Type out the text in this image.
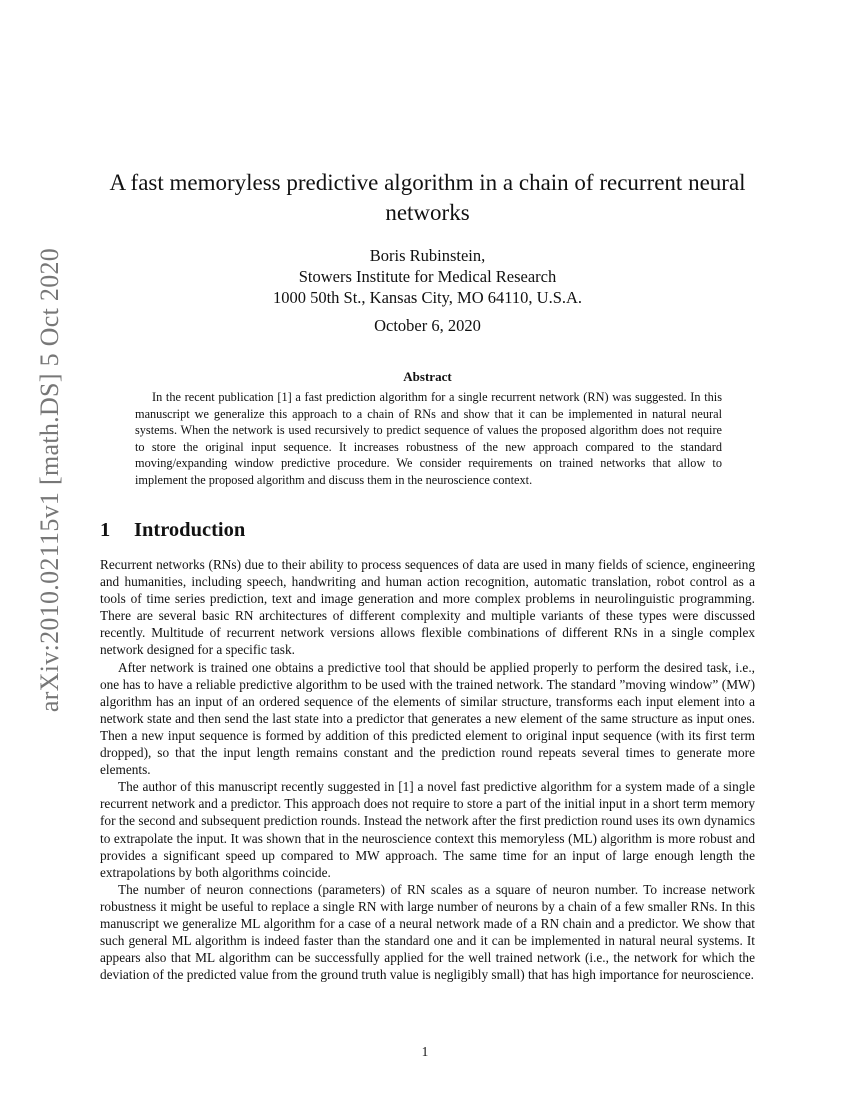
arXiv:2010.02115v1 [math.DS] 5 Oct 2020
A fast memoryless predictive algorithm in a chain of recurrent neural networks
Boris Rubinstein,
Stowers Institute for Medical Research
1000 50th St., Kansas City, MO 64110, U.S.A.
October 6, 2020
Abstract

In the recent publication [1] a fast prediction algorithm for a single recurrent network (RN) was suggested. In this manuscript we generalize this approach to a chain of RNs and show that it can be implemented in natural neural systems. When the network is used recursively to predict sequence of values the proposed algorithm does not require to store the original input sequence. It increases robustness of the new approach compared to the standard moving/expanding window predictive procedure. We consider requirements on trained networks that allow to implement the proposed algorithm and discuss them in the neuroscience context.

1 Introduction

Recurrent networks (RNs) due to their ability to process sequences of data are used in many fields of science, engineering and humanities, including speech, handwriting and human action recognition, automatic translation, robot control as a tools of time series prediction, text and image generation and more complex problems in neurolinguistic programming. There are several basic RN architectures of different complexity and multiple variants of these types were discussed recently. Multitude of recurrent network versions allows flexible combinations of different RNs in a single complex network designed for a specific task.

After network is trained one obtains a predictive tool that should be applied properly to perform the desired task, i.e., one has to have a reliable predictive algorithm to be used with the trained network. The standard ”moving window” (MW) algorithm has an input of an ordered sequence of the elements of similar structure, transforms each input element into a network state and then send the last state into a predictor that generates a new element of the same structure as input ones. Then a new input sequence is formed by addition of this predicted element to original input sequence (with its first term dropped), so that the input length remains constant and the prediction round repeats several times to generate more elements.

The author of this manuscript recently suggested in [1] a novel fast predictive algorithm for a system made of a single recurrent network and a predictor. This approach does not require to store a part of the initial input in a short term memory for the second and subsequent prediction rounds. Instead the network after the first prediction round uses its own dynamics to extrapolate the input. It was shown that in the neuroscience context this memoryless (ML) algorithm is more robust and provides a significant speed up compared to MW approach. The same time for an input of large enough length the extrapolations by both algorithms coincide.

The number of neuron connections (parameters) of RN scales as a square of neuron number. To increase network robustness it might be useful to replace a single RN with large number of neurons by a chain of a few smaller RNs. In this manuscript we generalize ML algorithm for a case of a neural network made of a RN chain and a predictor. We show that such general ML algorithm is indeed faster than the standard one and it can be implemented in natural neural systems. It appears also that ML algorithm can be successfully applied for the well trained network (i.e., the network for which the deviation of the predicted value from the ground truth value is negligibly small) that has high importance for neuroscience.

1
